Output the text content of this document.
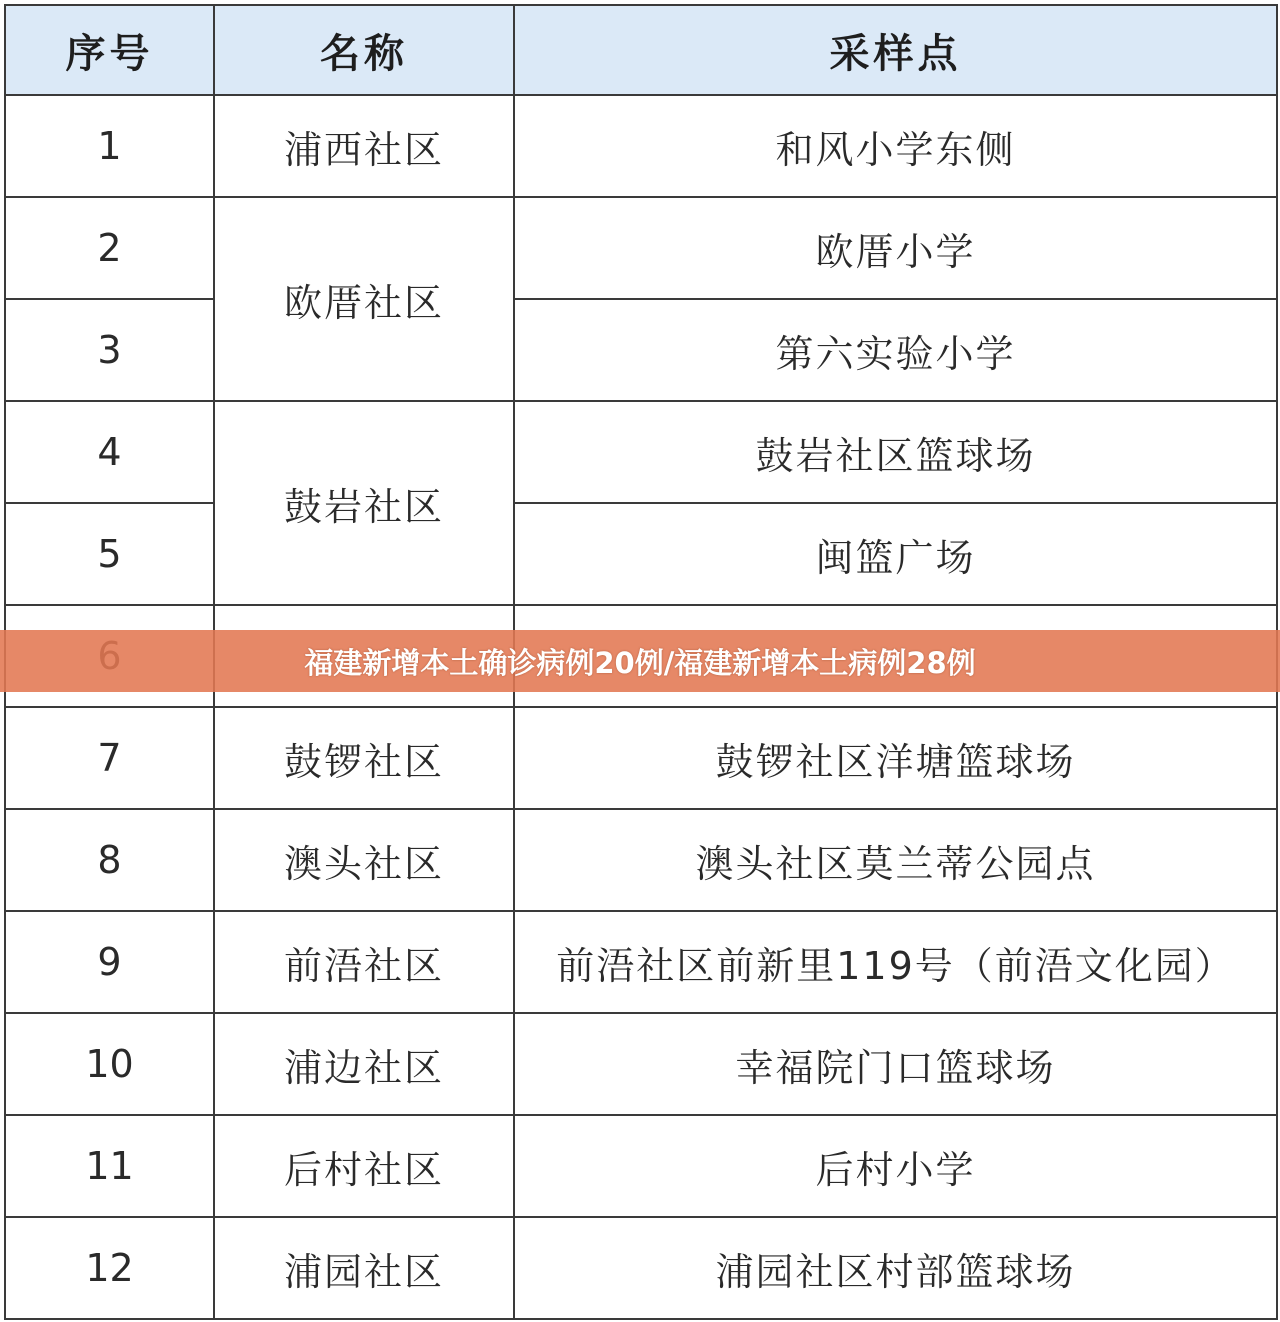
序号	名称	采样点
1	浦西社区	和风小学东侧
2	欧厝社区	欧厝小学
3		第六实验小学
4	鼓岩社区	鼓岩社区篮球场
5		闽篮广场

7	鼓锣社区	鼓锣社区洋塘篮球场
8	澳头社区	澳头社区莫兰蒂公园点
9	前浯社区	前浯社区前新里119号（前浯文化园）
10	浦边社区	幸福院门口篮球场
11	后村社区	后村小学
12	浦园社区	浦园社区村部篮球场
福建新增本土确诊病例20例/福建新增本土病例28例
